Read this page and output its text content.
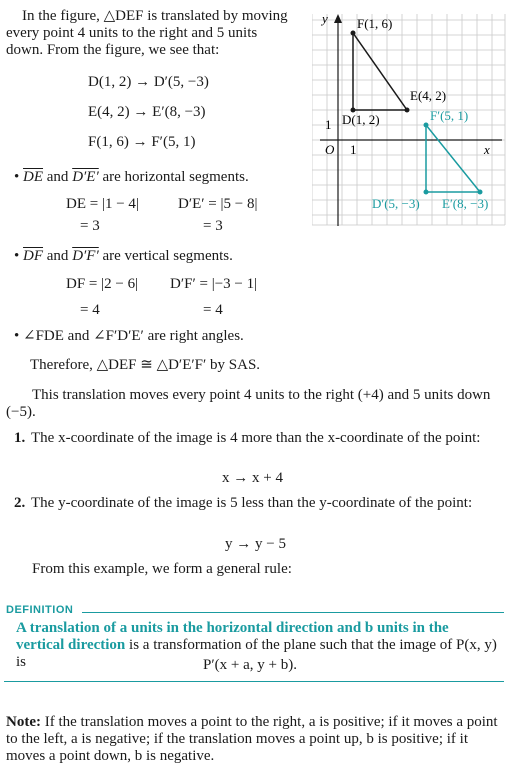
In the figure, △DEF is translated by moving every point 4 units to the right and 5 units down. From the figure, we see that:
D(1, 2) → D′(5, −3)
E(4, 2) → E′(8, −3)
F(1, 6) → F′(5, 1)
• $\overline{DE}$ and D′E′ are horizontal segments.
DE = |1 − 4|
= 3
D′E′ = |5 − 8|
= 3
• $\overline{DF}$ and D′F′ are vertical segments.
DF = |2 − 6|
= 4
D′F′ = |−3 − 1|
= 4
• ∠FDE and ∠F′D′E′ are right angles.
Therefore, △DEF ≅ △D′E′F′ by SAS.
This translation moves every point 4 units to the right (+4) and 5 units down (−5).
1. The x-coordinate of the image is 4 more than the x-coordinate of the point:
x → x + 4
2. The y-coordinate of the image is 5 less than the y-coordinate of the point:
y → y − 5
From this example, we form a general rule:
DEFINITION
A translation of a units in the horizontal direction and b units in the vertical direction is a transformation of the plane such that the image of P(x, y) is	P′(x + a, y + b).
Note: If the translation moves a point to the right, a is positive; if it moves a point to the left, a is negative; if the translation moves a point up, b is positive; if it moves a point down, b is negative.
y
x
O 1
1
F(1, 6)
E(4, 2)
D(1, 2)	F′(5, 1)
D′(5, −3) E′(8, −3)
